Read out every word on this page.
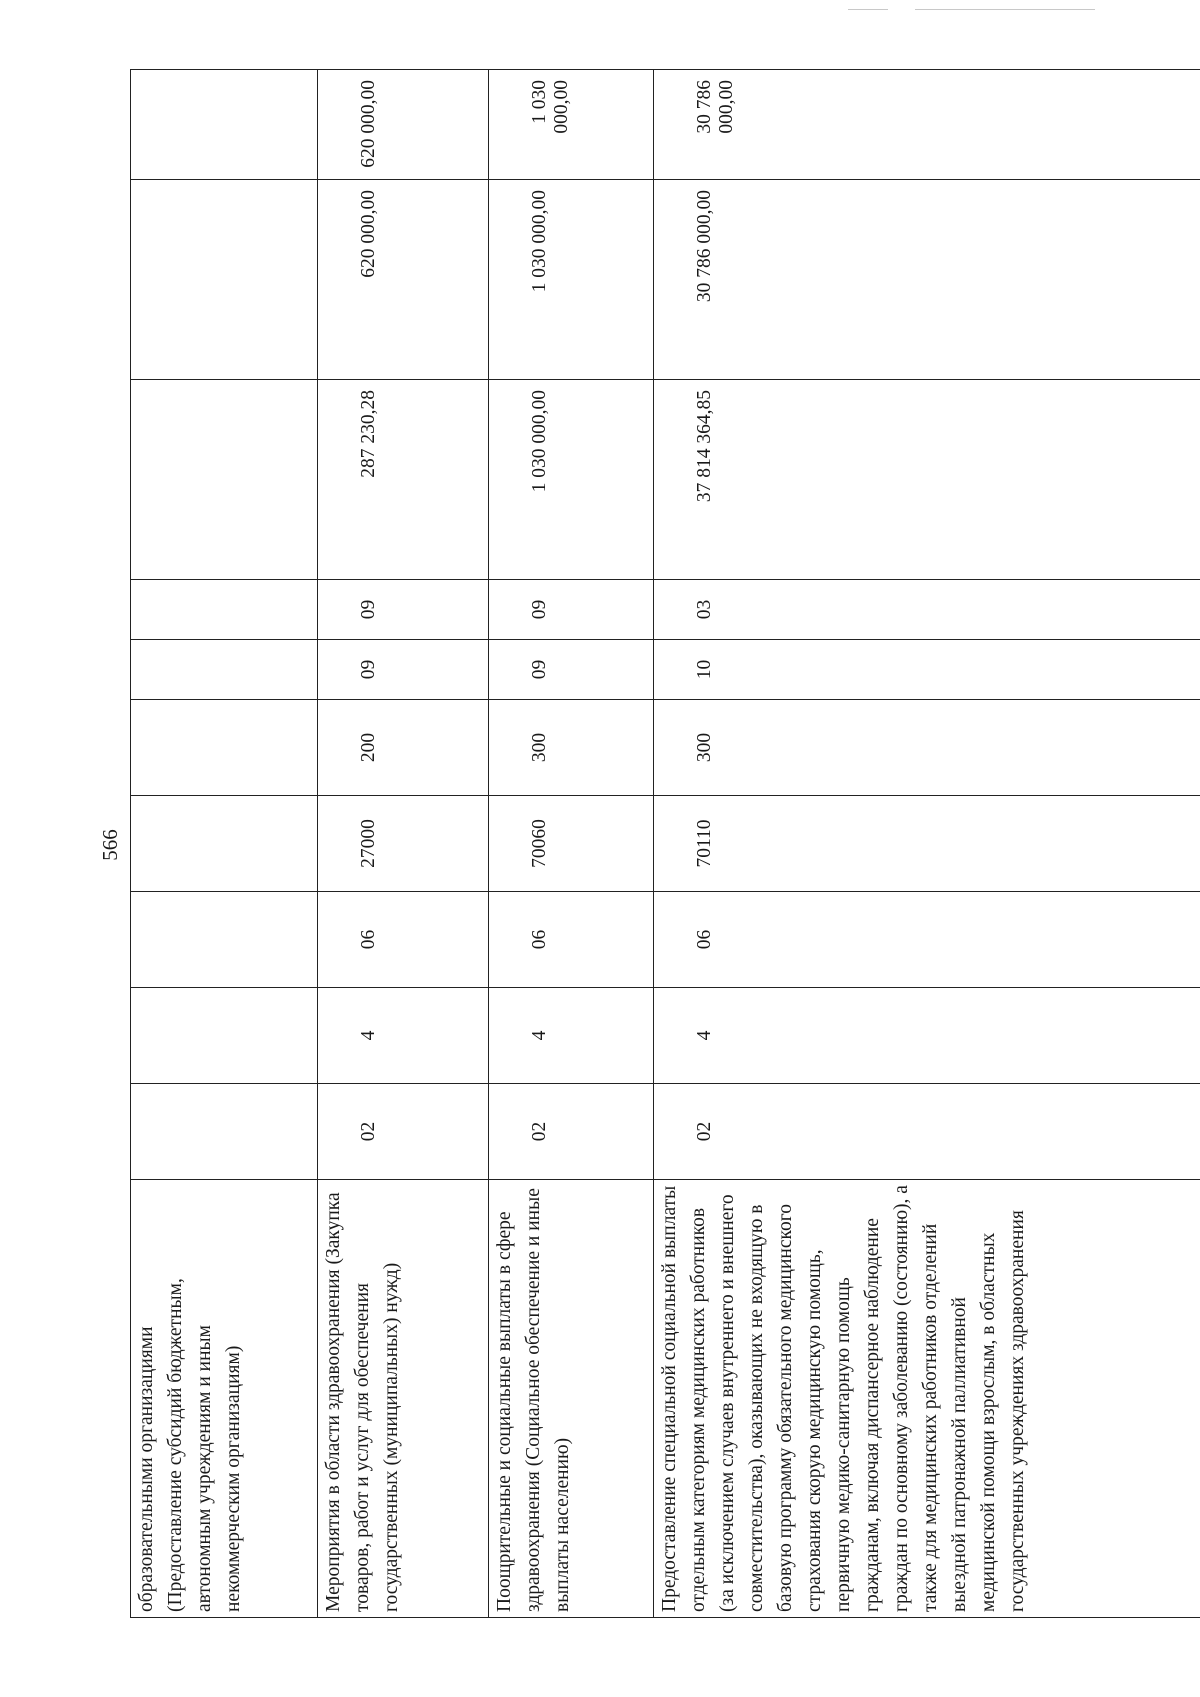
566
образовательными организациями (Предоставление субсидий бюджетным, автономным учреждениям и иным некоммерческим организациям)										
Мероприятия в области здравоохранения (Закупка товаров, работ и услуг для обеспечения государственных (муниципальных) нужд)	02	4	06	27000	200	09	09	287 230,28	620 000,00	620 000,00
Поощрительные и социальные выплаты в сфере здравоохранения (Социальное обеспечение и иные выплаты населению)	02	4	06	70060	300	09	09	1 030 000,00	1 030 000,00	1 030 000,00
Предоставление специальной социальной выплаты отдельным категориям медицинских работников (за исключением случаев внутреннего и внешнего совместительства), оказывающих не входящую в базовую программу обязательного медицинского страхования скорую медицинскую помощь, первичную медико-санитарную помощь гражданам, включая диспансерное наблюдение граждан по основному заболеванию (состоянию), а также для медицинских работников отделений выездной патронажной паллиативной медицинской помощи взрослым, в областных государственных учреждениях здравоохранения	02	4	06	70110	300	10	03	37 814 364,85	30 786 000,00	30 786 000,00
